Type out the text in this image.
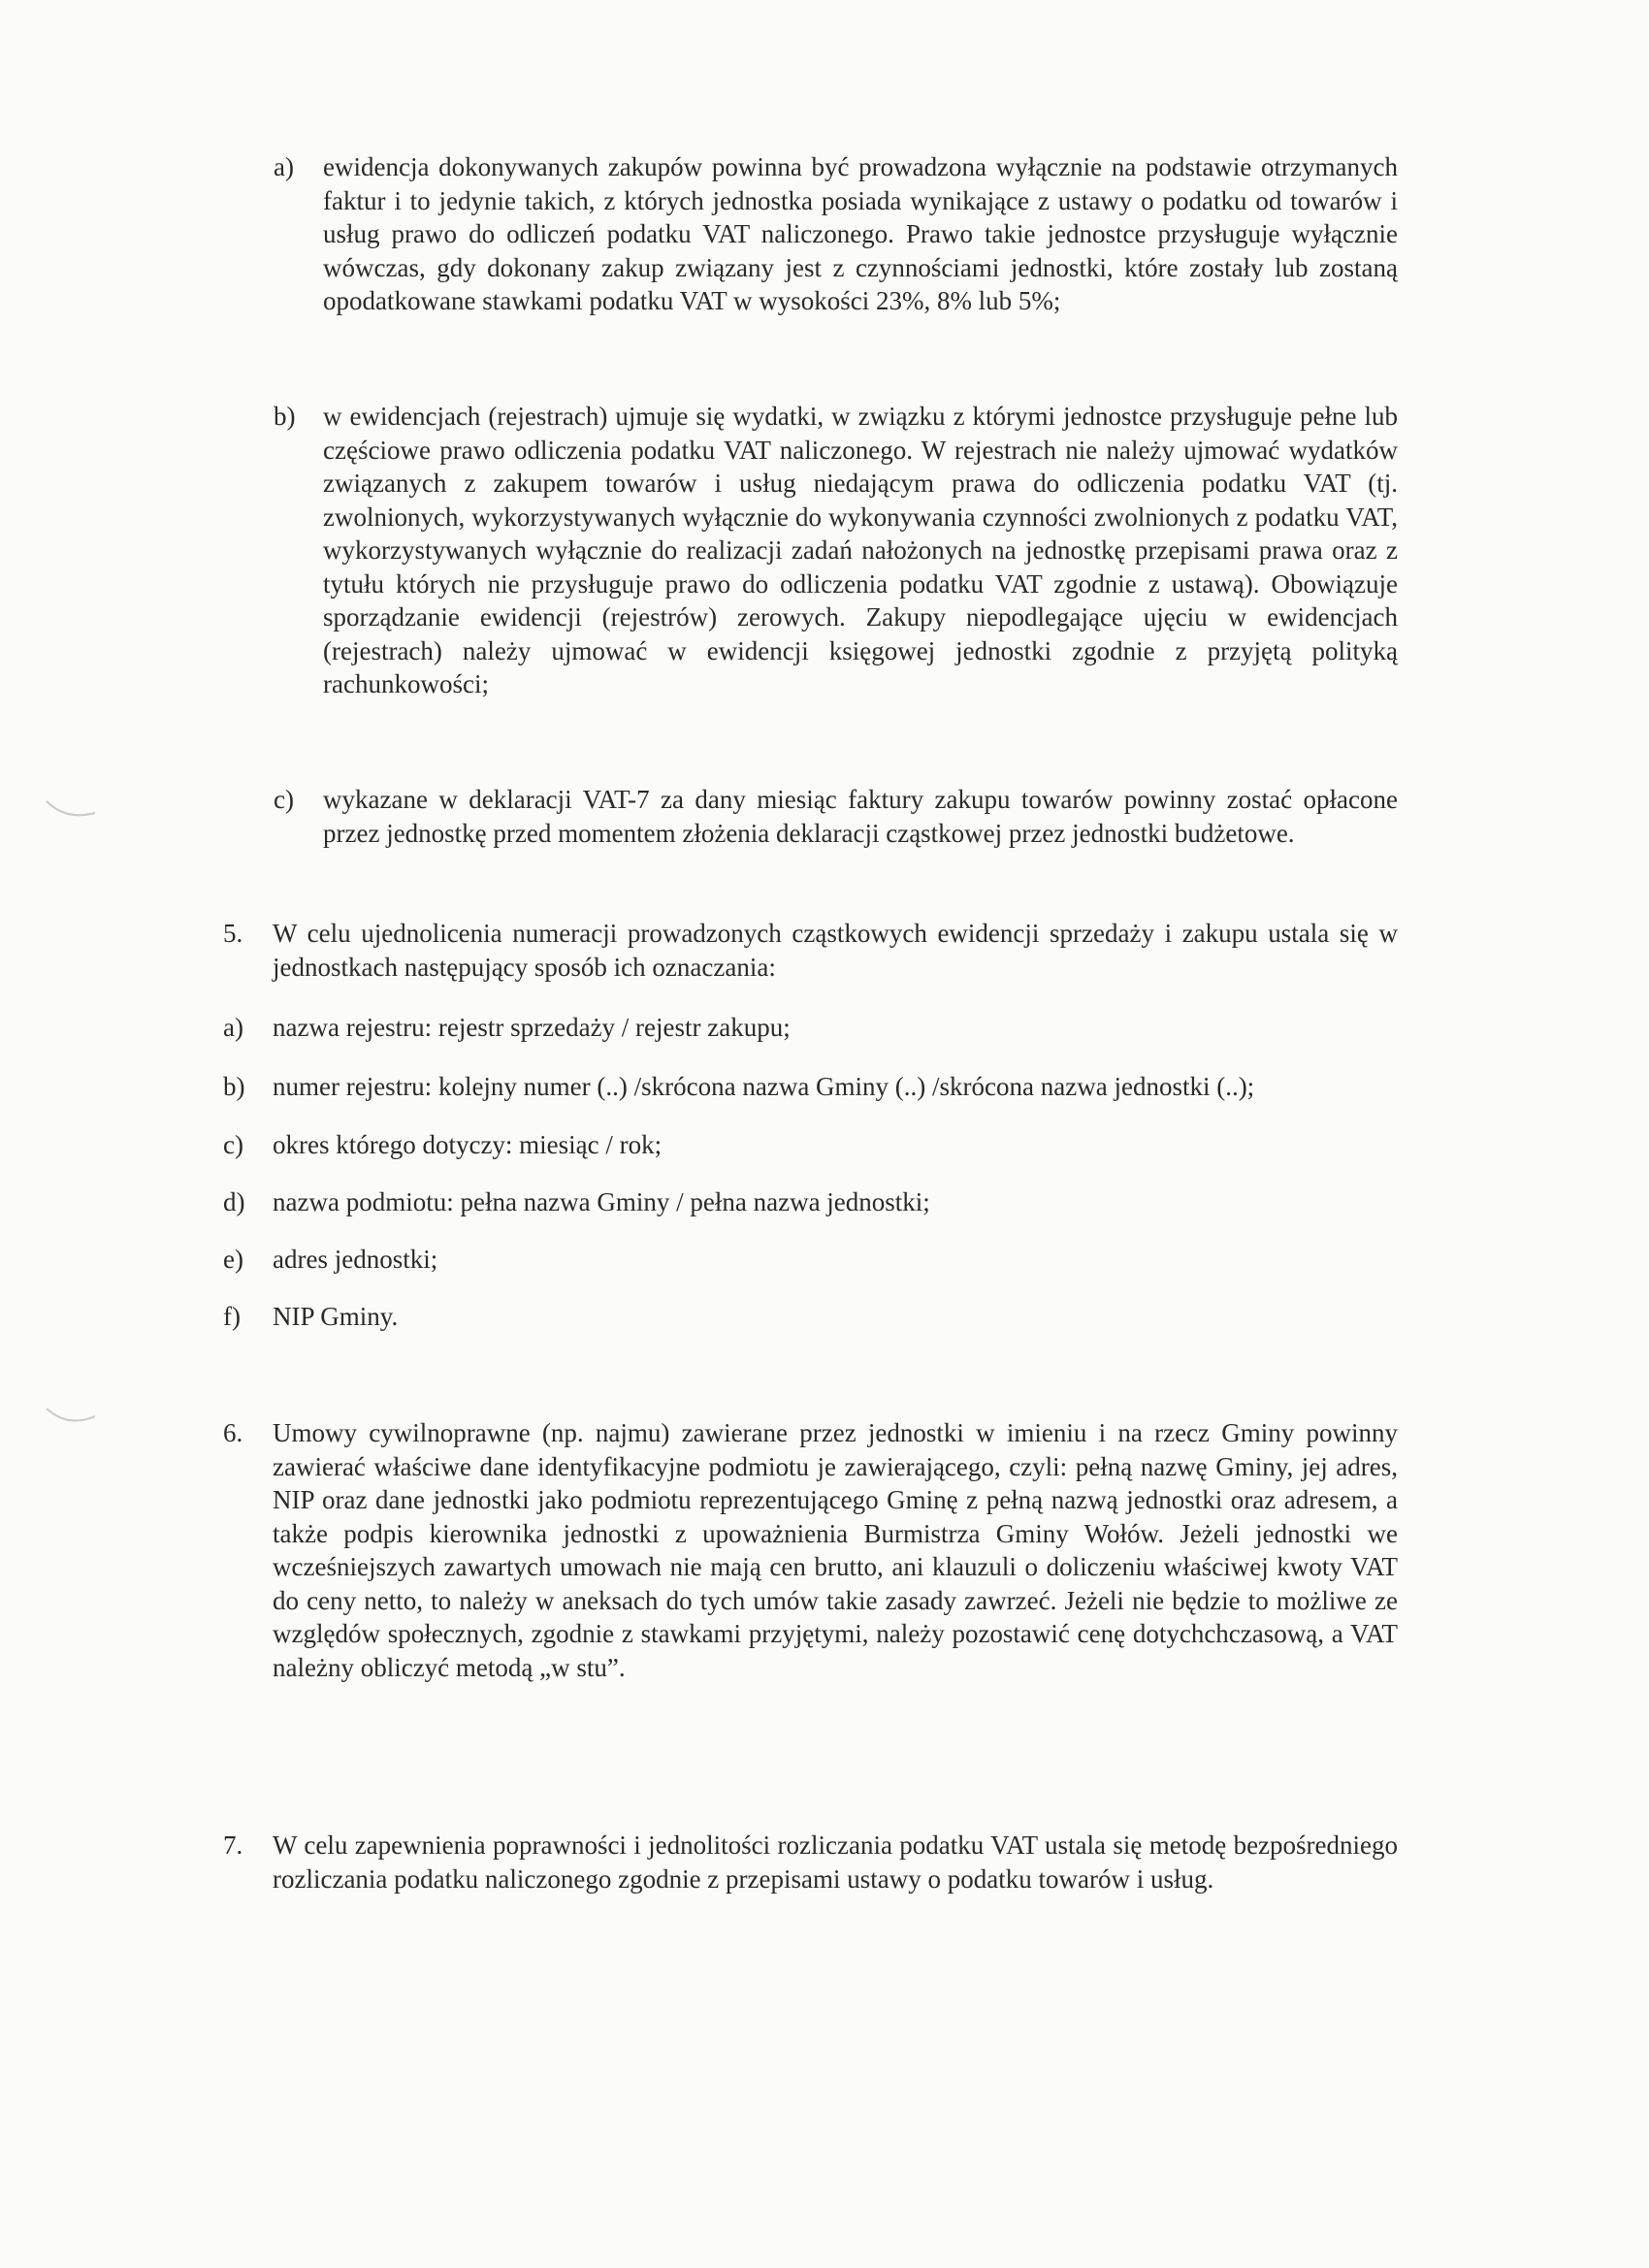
a) ewidencja dokonywanych zakupów powinna być prowadzona wyłącznie na podstawie otrzymanych faktur i to jedynie takich, z których jednostka posiada wynikające z ustawy o podatku od towarów i usług prawo do odliczeń podatku VAT naliczonego. Prawo takie jednostce przysługuje wyłącznie wówczas, gdy dokonany zakup związany jest z czynnościami jednostki, które zostały lub zostaną opodatkowane stawkami podatku VAT w wysokości 23%, 8% lub 5%;
b) w ewidencjach (rejestrach) ujmuje się wydatki, w związku z którymi jednostce przysługuje pełne lub częściowe prawo odliczenia podatku VAT naliczonego. W rejestrach nie należy ujmować wydatków związanych z zakupem towarów i usług niedającym prawa do odliczenia podatku VAT (tj. zwolnionych, wykorzystywanych wyłącznie do wykonywania czynności zwolnionych z podatku VAT, wykorzystywanych wyłącznie do realizacji zadań nałożonych na jednostkę przepisami prawa oraz z tytułu których nie przysługuje prawo do odliczenia podatku VAT zgodnie z ustawą). Obowiązuje sporządzanie ewidencji (rejestrów) zerowych. Zakupy niepodlegające ujęciu w ewidencjach (rejestrach) należy ujmować w ewidencji księgowej jednostki zgodnie z przyjętą polityką rachunkowości;
c) wykazane w deklaracji VAT-7 za dany miesiąc faktury zakupu towarów powinny zostać opłacone przez jednostkę przed momentem złożenia deklaracji cząstkowej przez jednostki budżetowe.
5. W celu ujednolicenia numeracji prowadzonych cząstkowych ewidencji sprzedaży i zakupu ustala się w jednostkach następujący sposób ich oznaczania:
a) nazwa rejestru: rejestr sprzedaży / rejestr zakupu;
b) numer rejestru: kolejny numer (..) /skrócona nazwa Gminy (..) /skrócona nazwa jednostki (..);
c) okres którego dotyczy: miesiąc / rok;
d) nazwa podmiotu: pełna nazwa Gminy / pełna nazwa jednostki;
e) adres jednostki;
f) NIP Gminy.
6. Umowy cywilnoprawne (np. najmu) zawierane przez jednostki w imieniu i na rzecz Gminy powinny zawierać właściwe dane identyfikacyjne podmiotu je zawierającego, czyli: pełną nazwę Gminy, jej adres, NIP oraz dane jednostki jako podmiotu reprezentującego Gminę z pełną nazwą jednostki oraz adresem, a także podpis kierownika jednostki z upoważnienia Burmistrza Gminy Wołów. Jeżeli jednostki we wcześniejszych zawartych umowach nie mają cen brutto, ani klauzuli o doliczeniu właściwej kwoty VAT do ceny netto, to należy w aneksach do tych umów takie zasady zawrzeć. Jeżeli nie będzie to możliwe ze względów społecznych, zgodnie z stawkami przyjętymi, należy pozostawić cenę dotychchczasową, a VAT należny obliczyć metodą „w stu”.
7. W celu zapewnienia poprawności i jednolitości rozliczania podatku VAT ustala się metodę bezpośredniego rozliczania podatku naliczonego zgodnie z przepisami ustawy o podatku towarów i usług.
